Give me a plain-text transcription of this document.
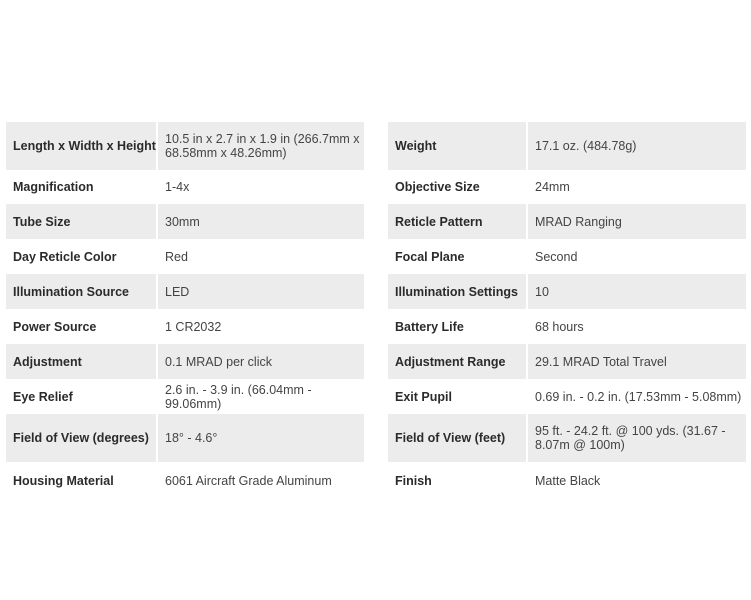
Length x Width x Height	10.5 in x 2.7 in x 1.9 in (266.7mm x 68.58mm x 48.26mm)
Magnification	1-4x
Tube Size	30mm
Day Reticle Color	Red
Illumination Source	LED
Power Source	1 CR2032
Adjustment	0.1 MRAD per click
Eye Relief	2.6 in. - 3.9 in. (66.04mm - 99.06mm)
Field of View (degrees)	18° - 4.6°
Housing Material	6061 Aircraft Grade Aluminum
Weight	17.1 oz. (484.78g)
Objective Size	24mm
Reticle Pattern	MRAD Ranging
Focal Plane	Second
Illumination Settings	10
Battery Life	68 hours
Adjustment Range	29.1 MRAD Total Travel
Exit Pupil	0.69 in. - 0.2 in. (17.53mm - 5.08mm)
Field of View (feet)	95 ft. - 24.2 ft. @ 100 yds. (31.67 - 8.07m @ 100m)
Finish	Matte Black
